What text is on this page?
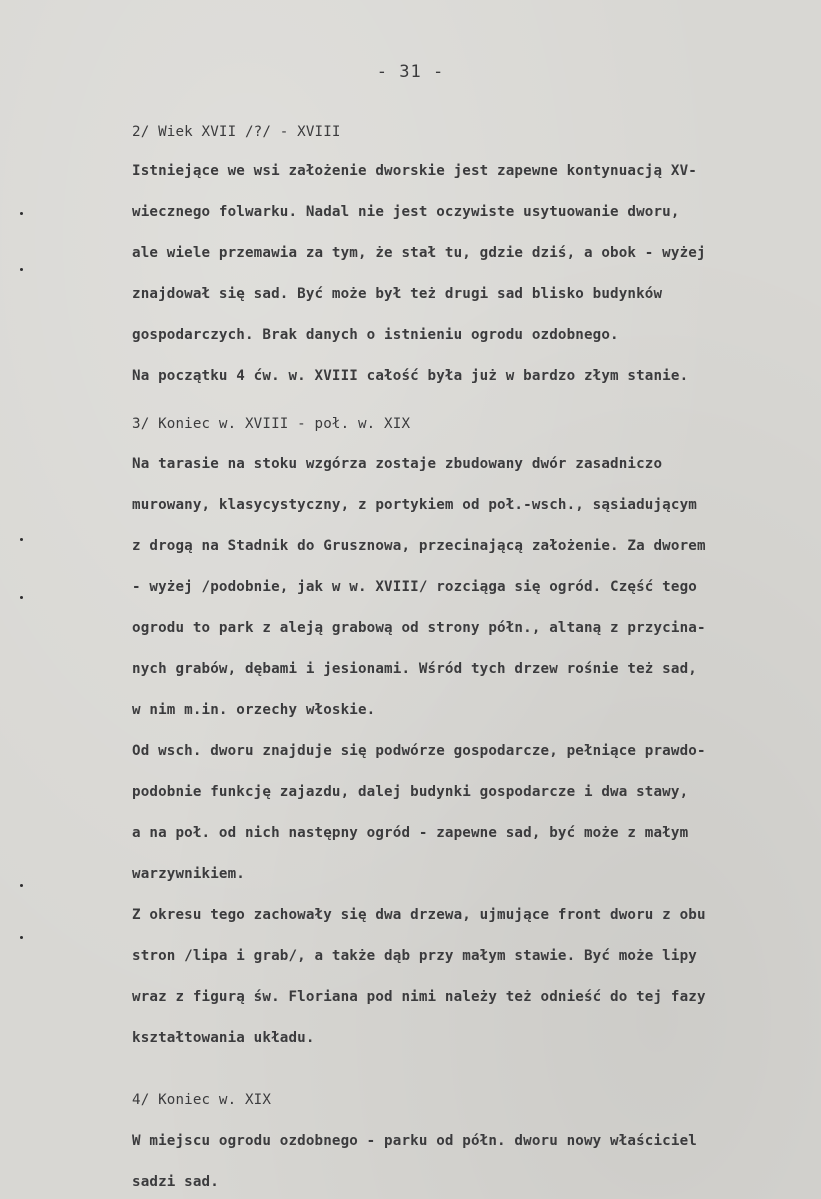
- 31 -

2/ Wiek XVII /?/ - XVIII

Istniejące we wsi założenie dworskie jest zapewne kontynuacją XV-

wiecznego folwarku. Nadal nie jest oczywiste usytuowanie dworu,

ale wiele przemawia za tym, że stał tu, gdzie dziś, a obok - wyżej

znajdował się sad. Być może był też drugi sad blisko budynków

gospodarczych. Brak danych o istnieniu ogrodu ozdobnego.

Na początku 4 ćw. w. XVIII całość była już w bardzo złym stanie.

3/ Koniec w. XVIII - poł. w. XIX

Na tarasie na stoku wzgórza zostaje zbudowany dwór zasadniczo

murowany, klasycystyczny, z portykiem od poł.-wsch., sąsiadującym

z drogą na Stadnik do Grusznowa, przecinającą założenie. Za dworem

- wyżej /podobnie, jak w w. XVIII/ rozciąga się ogród. Część tego

ogrodu to park z aleją grabową od strony półn., altaną z przycina-

nych grabów, dębami i jesionami. Wśród tych drzew rośnie też sad,

w nim m.in. orzechy włoskie.

Od wsch. dworu znajduje się podwórze gospodarcze, pełniące prawdo-

podobnie funkcję zajazdu, dalej budynki gospodarcze i dwa stawy,

a na poł. od nich następny ogród - zapewne sad, być może z małym

warzywnikiem.

Z okresu tego zachowały się dwa drzewa, ujmujące front dworu z obu

stron /lipa i grab/, a także dąb przy małym stawie. Być może lipy

wraz z figurą św. Floriana pod nimi należy też odnieść do tej fazy

kształtowania układu.

4/ Koniec w. XIX

W miejscu ogrodu ozdobnego - parku od półn. dworu nowy właściciel

sadzi sad.
